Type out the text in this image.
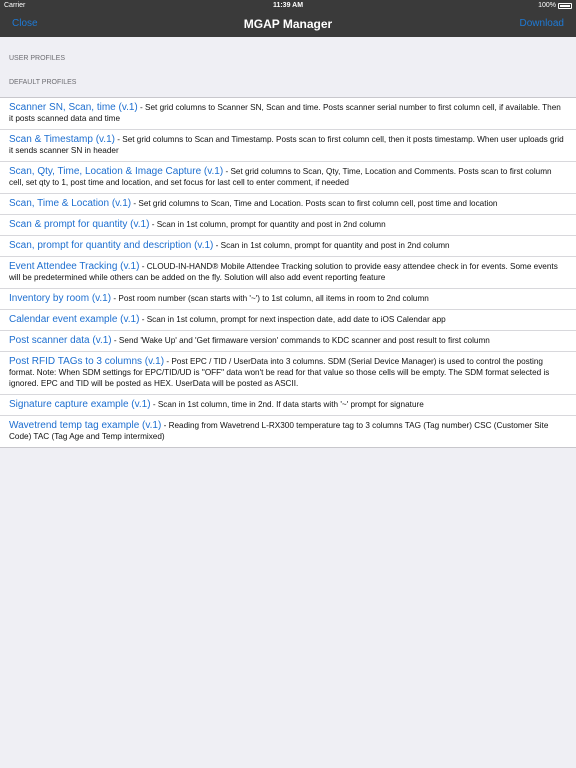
Carrier	11:39 AM	100%
Close	MGAP Manager	Download
USER PROFILES
DEFAULT PROFILES
Scanner SN, Scan, time (v.1) - Set grid columns to Scanner SN, Scan and time. Posts scanner serial number to first column cell, if available. Then it posts scanned data and time
Scan & Timestamp (v.1) - Set grid columns to Scan and Timestamp. Posts scan to first column cell, then it posts timestamp. When user uploads grid it sends scanner SN in header
Scan, Qty, Time, Location & Image Capture (v.1) - Set grid columns to Scan, Qty, Time, Location and Comments. Posts scan to first column cell, set qty to 1, post time and location, and set focus for last cell to enter comment, if needed
Scan, Time & Location (v.1) - Set grid columns to Scan, Time and Location. Posts scan to first column cell, post time and location
Scan & prompt for quantity (v.1) - Scan in 1st column, prompt for quantity and post in 2nd column
Scan, prompt for quantity and description (v.1) - Scan in 1st column, prompt for quantity and post in 2nd column
Event Attendee Tracking (v.1) - CLOUD-IN-HAND® Mobile Attendee Tracking solution to provide easy attendee check in for events. Some events will be predetermined while others can be added on the fly. Solution will also add event reporting feature
Inventory by room (v.1) - Post room number (scan starts with '~') to 1st column, all items in room to 2nd column
Calendar event example (v.1) - Scan in 1st column, prompt for next inspection date, add date to iOS Calendar app
Post scanner data (v.1) - Send 'Wake Up' and 'Get firmaware version' commands to KDC scanner and post result to first column
Post RFID TAGs to 3 columns (v.1) - Post EPC / TID / UserData into 3 columns. SDM (Serial Device Manager) is used to control the posting format. Note: When SDM settings for EPC/TID/UD is "OFF" data won't be read for that value so those cells will be empty. The SDM format selected is ignored. EPC and TID will be posted as HEX. UserData will be posted as ASCII.
Signature capture example (v.1) - Scan in 1st column, time in 2nd. If data starts with '~' prompt for signature
Wavetrend temp tag example (v.1) - Reading from Wavetrend L-RX300 temperature tag to 3 columns TAG (Tag number) CSC (Customer Site Code) TAC (Tag Age and Temp intermixed)
